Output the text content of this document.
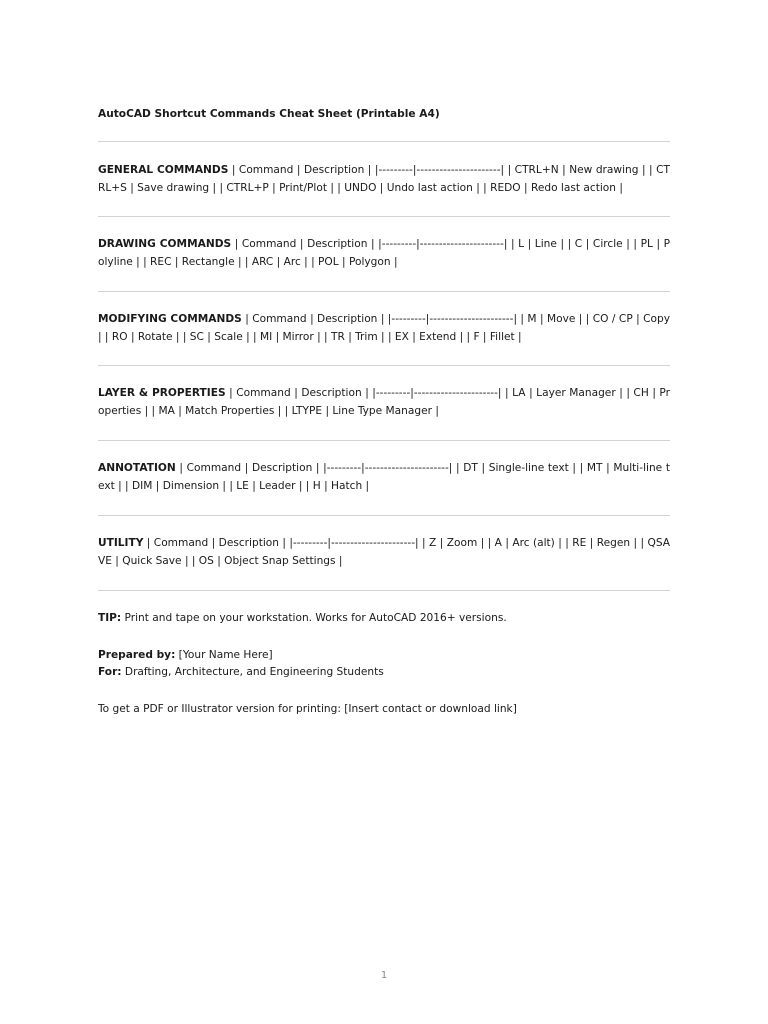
AutoCAD Shortcut Commands Cheat Sheet (Printable A4)
GENERAL COMMANDS | Command | Description | |---------|----------------------| | CTRL+N | New drawing | | CTRL+S | Save drawing | | CTRL+P | Print/Plot | | UNDO | Undo last action | | REDO | Redo last action |
DRAWING COMMANDS | Command | Description | |---------|----------------------| | L | Line | | C | Circle | | PL | Polyline | | REC | Rectangle | | ARC | Arc | | POL | Polygon |
MODIFYING COMMANDS | Command | Description | |---------|----------------------| | M | Move | | CO / CP | Copy | | RO | Rotate | | SC | Scale | | MI | Mirror | | TR | Trim | | EX | Extend | | F | Fillet |
LAYER & PROPERTIES | Command | Description | |---------|----------------------| | LA | Layer Manager | | CH | Properties | | MA | Match Properties | | LTYPE | Line Type Manager |
ANNOTATION | Command | Description | |---------|----------------------| | DT | Single-line text | | MT | Multi-line text | | DIM | Dimension | | LE | Leader | | H | Hatch |
UTILITY | Command | Description | |---------|----------------------| | Z | Zoom | | A | Arc (alt) | | RE | Regen | | QSAVE | Quick Save | | OS | Object Snap Settings |
TIP: Print and tape on your workstation. Works for AutoCAD 2016+ versions.
Prepared by: [Your Name Here]
For: Drafting, Architecture, and Engineering Students
To get a PDF or Illustrator version for printing: [Insert contact or download link]
1
